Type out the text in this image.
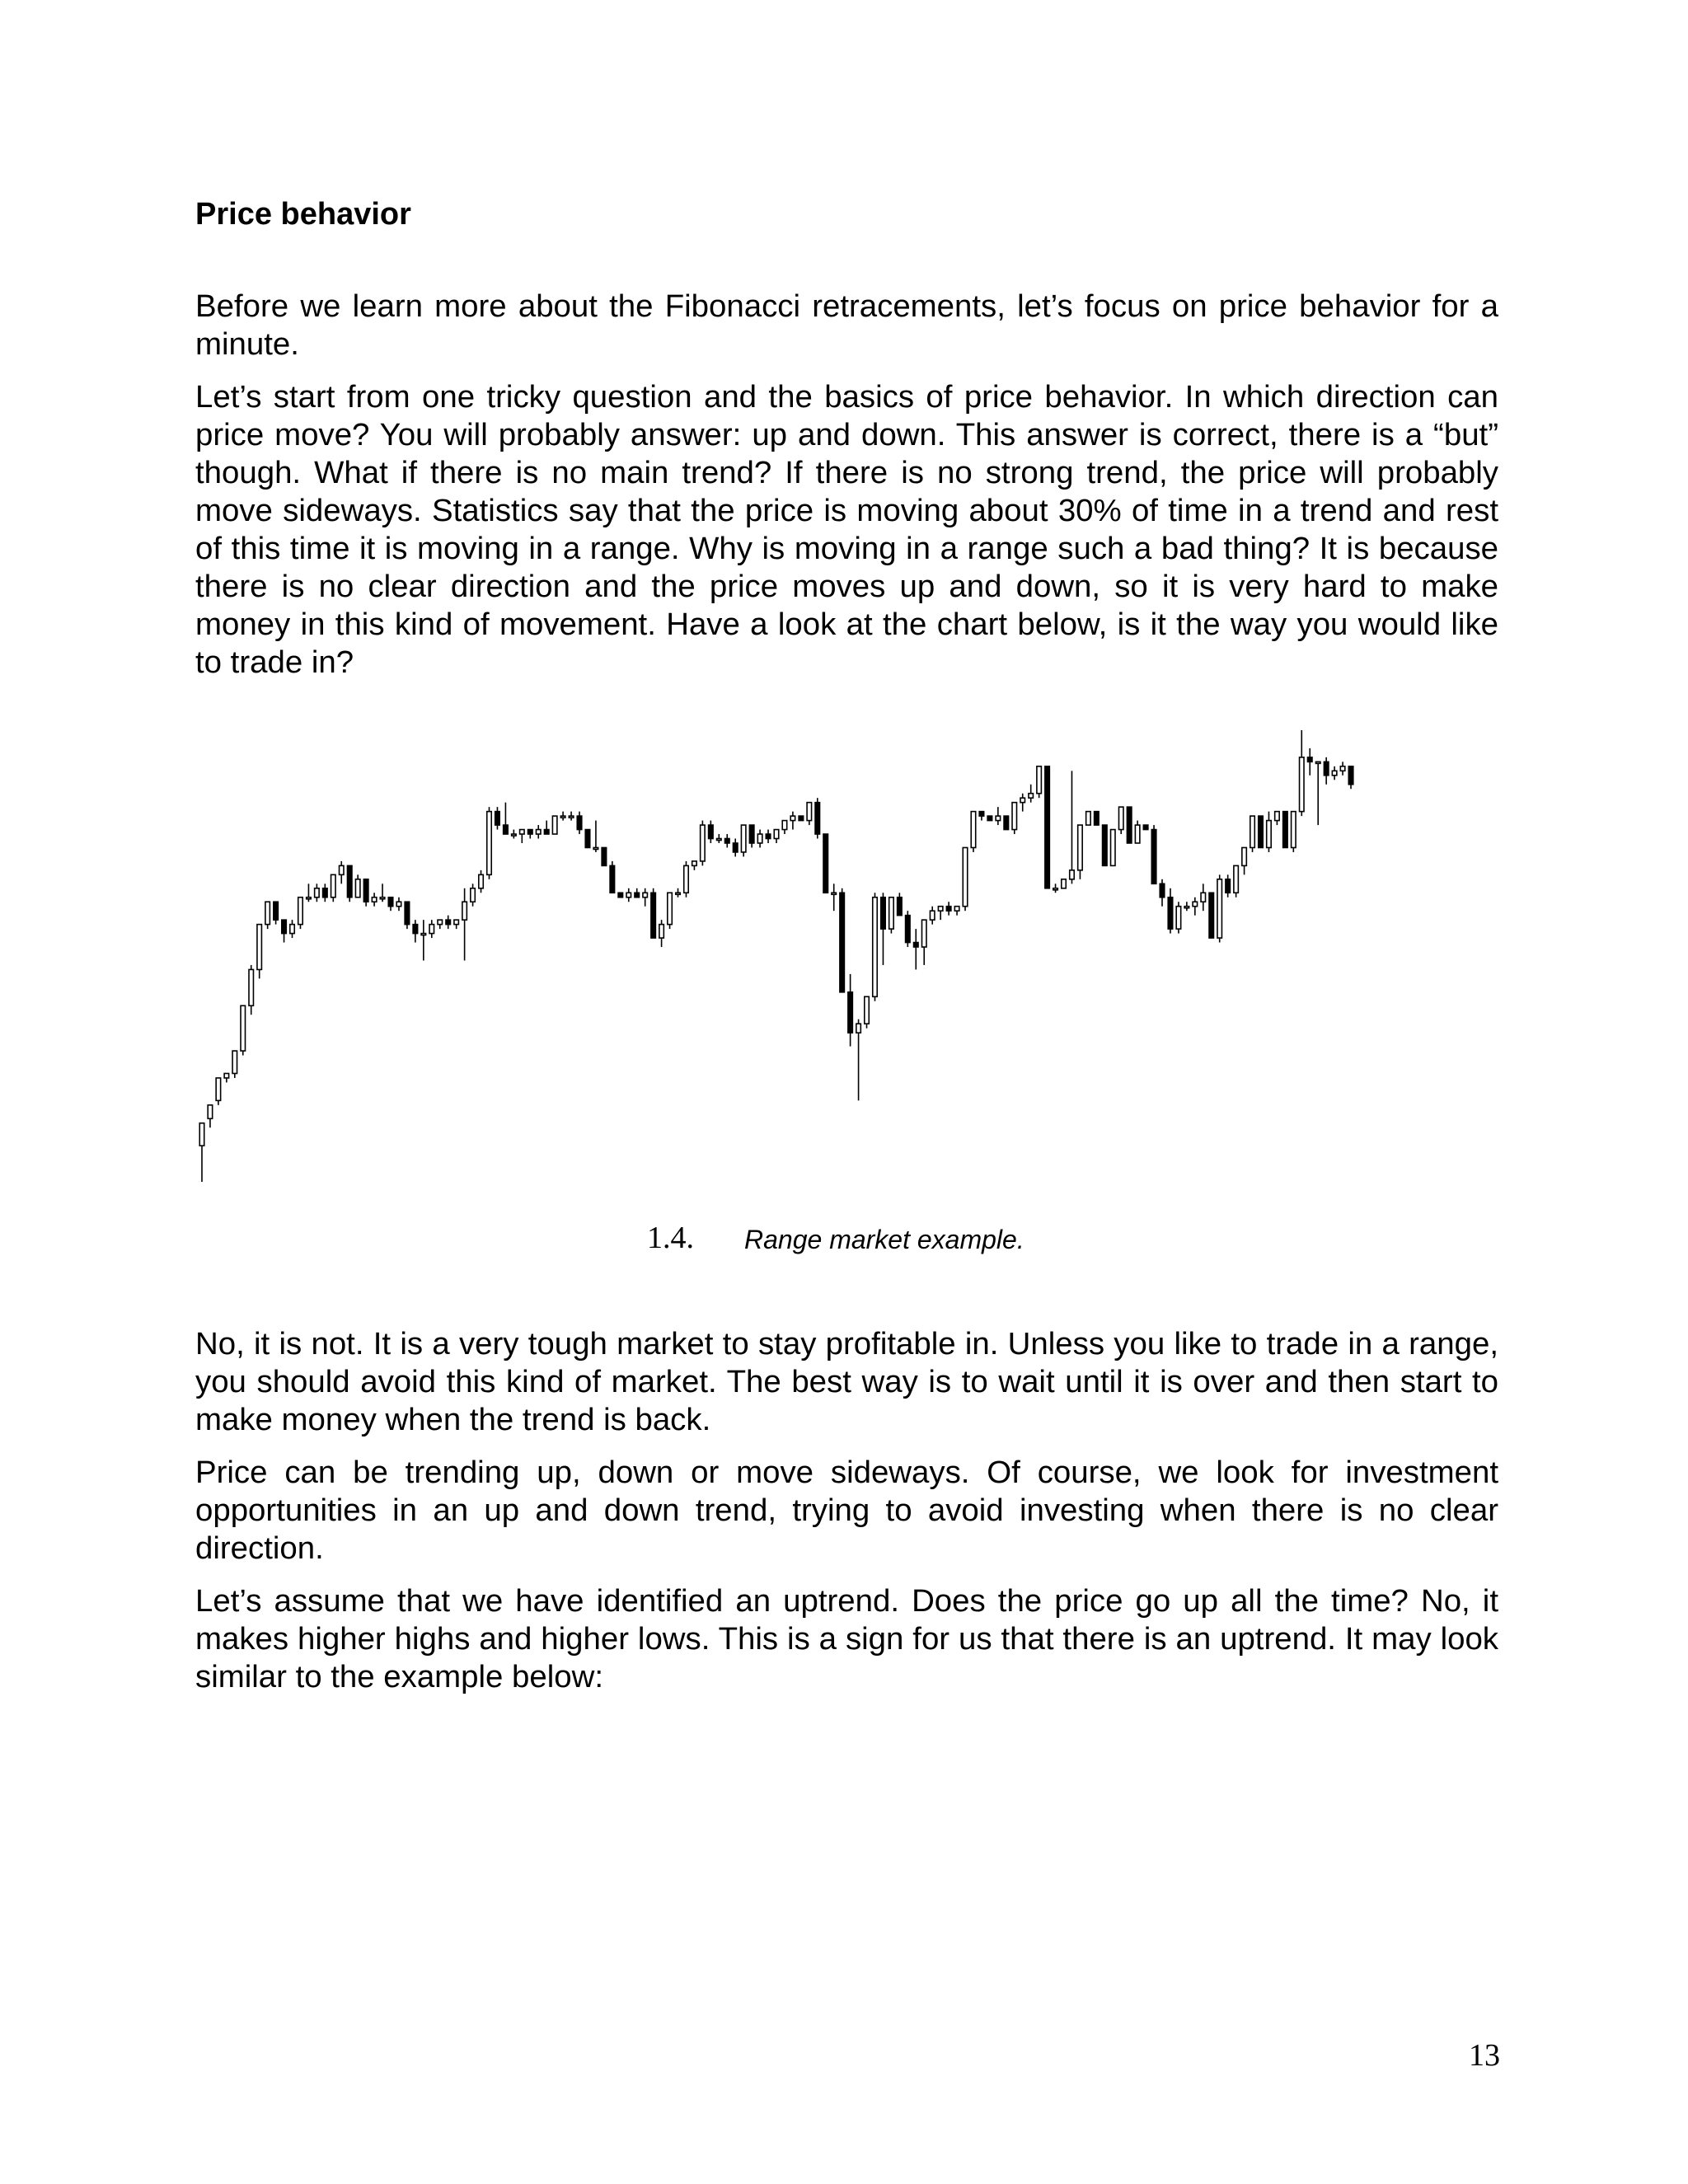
Price behavior

Before we learn more about the Fibonacci retracements, let’s focus on price behavior for a minute.

Let’s start from one tricky question and the basics of price behavior. In which direction can price move? You will probably answer: up and down. This answer is correct, there is a “but” though. What if there is no main trend? If there is no strong trend, the price will probably move sideways. Statistics say that the price is moving about 30% of time in a trend and rest of this time it is moving in a range. Why is moving in a range such a bad thing? It is because there is no clear direction and the price moves up and down, so it is very hard to make money in this kind of movement. Have a look at the chart below, is it the way you would like to trade in?

1.4. Range market example.

No, it is not. It is a very tough market to stay profitable in. Unless you like to trade in a range, you should avoid this kind of market. The best way is to wait until it is over and then start to make money when the trend is back.

Price can be trending up, down or move sideways. Of course, we look for investment opportunities in an up and down trend, trying to avoid investing when there is no clear direction.

Let’s assume that we have identified an uptrend. Does the price go up all the time? No, it makes higher highs and higher lows. This is a sign for us that there is an uptrend. It may look similar to the example below:

13
